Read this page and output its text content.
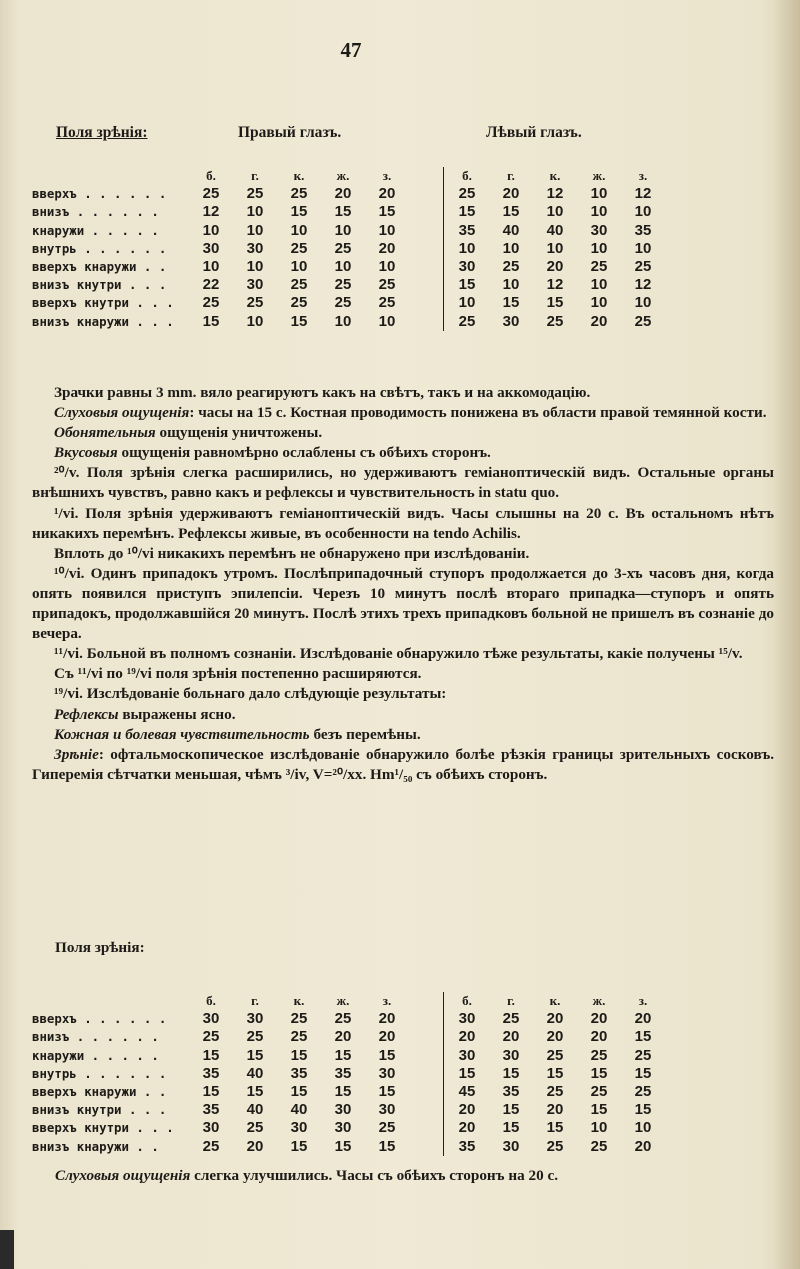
47
Поля зрѣнія:	Правый глазъ.	Лѣвый глазъ.
	б.	г.	к.	ж.	з.			б.	г.	к.	ж.	з.
вверхъ . . . . . .	25	25	25	20	20			25	20	12	10	12
внизъ . . . . . .	12	10	15	15	15			15	15	10	10	10
кнаружи . . . . .	10	10	10	10	10			35	40	40	30	35
внутрь . . . . . .	30	30	25	25	20			10	10	10	10	10
вверхъ кнаружи . .	10	10	10	10	10			30	25	20	25	25
внизъ кнутри . . .	22	30	25	25	25			15	10	12	10	12
вверхъ кнутри . . .	25	25	25	25	25			10	15	15	10	10
внизъ кнаружи . . .	15	10	15	10	10			25	30	25	20	25

Зрачки равны 3 mm. вяло реагируютъ какъ на свѣтъ, такъ и на аккомодацію.

Слуховыя ощущенія: часы на 15 с. Костная проводимость понижена въ области правой темянной кости.

Обонятельныя ощущенія уничтожены.

Вкусовыя ощущенія равномѣрно ослаблены съ обѣихъ сторонъ.

²⁰/v. Поля зрѣнія слегка расширились, но удерживаютъ геміаноптическій видъ. Остальные органы внѣшнихъ чувствъ, равно какъ и рефлексы и чувствительность in statu quo.

¹/vi. Поля зрѣнія удерживаютъ геміаноптическій видъ. Часы слышны на 20 с. Въ остальномъ нѣтъ никакихъ перемѣнъ. Рефлексы живые, въ особенности на tendo Achilis.

Вплоть до ¹⁰/vi никакихъ перемѣнъ не обнаружено при изслѣдованіи.

¹⁰/vi. Одинъ припадокъ утромъ. Послѣприпадочный ступоръ продолжается до 3-хъ часовъ дня, когда опять появился приступъ эпилепсіи. Черезъ 10 минутъ послѣ втораго припадка—ступоръ и опять припадокъ, продолжавшійся 20 минутъ. Послѣ этихъ трехъ припадковъ больной не пришелъ въ сознаніе до вечера.

¹¹/vi. Больной въ полномъ сознаніи. Изслѣдованіе обнаружило тѣже результаты, какіе получены ¹⁵/v.

Съ ¹¹/vi по ¹⁹/vi поля зрѣнія постепенно расширяются.

¹⁹/vi. Изслѣдованіе больнаго дало слѣдующіе результаты:

Рефлексы выражены ясно.

Кожная и болевая чувствительность безъ перемѣны.

Зрѣніе: офтальмоскопическое изслѣдованіе обнаружило болѣе рѣзкія границы зрительныхъ сосковъ. Гиперемія сѣтчатки меньшая, чѣмъ ³/iv, V=²⁰/xx. Hm¹/₅₀ съ обѣихъ сторонъ.

Поля зрѣнія:
	б.	г.	к.	ж.	з.			б.	г.	к.	ж.	з.
вверхъ . . . . . .	30	30	25	25	20			30	25	20	20	20
внизъ . . . . . .	25	25	25	20	20			20	20	20	20	15
кнаружи . . . . .	15	15	15	15	15			30	30	25	25	25
внутрь . . . . . .	35	40	35	35	30			15	15	15	15	15
вверхъ кнаружи . .	15	15	15	15	15			45	35	25	25	25
внизъ кнутри . . .	35	40	40	30	30			20	15	20	15	15
вверхъ кнутри . . .	30	25	30	30	25			20	15	15	10	10
внизъ кнаружи . .	25	20	15	15	15			35	30	25	25	20
Слуховыя ощущенія слегка улучшились. Часы съ обѣихъ сторонъ на 20 с.
